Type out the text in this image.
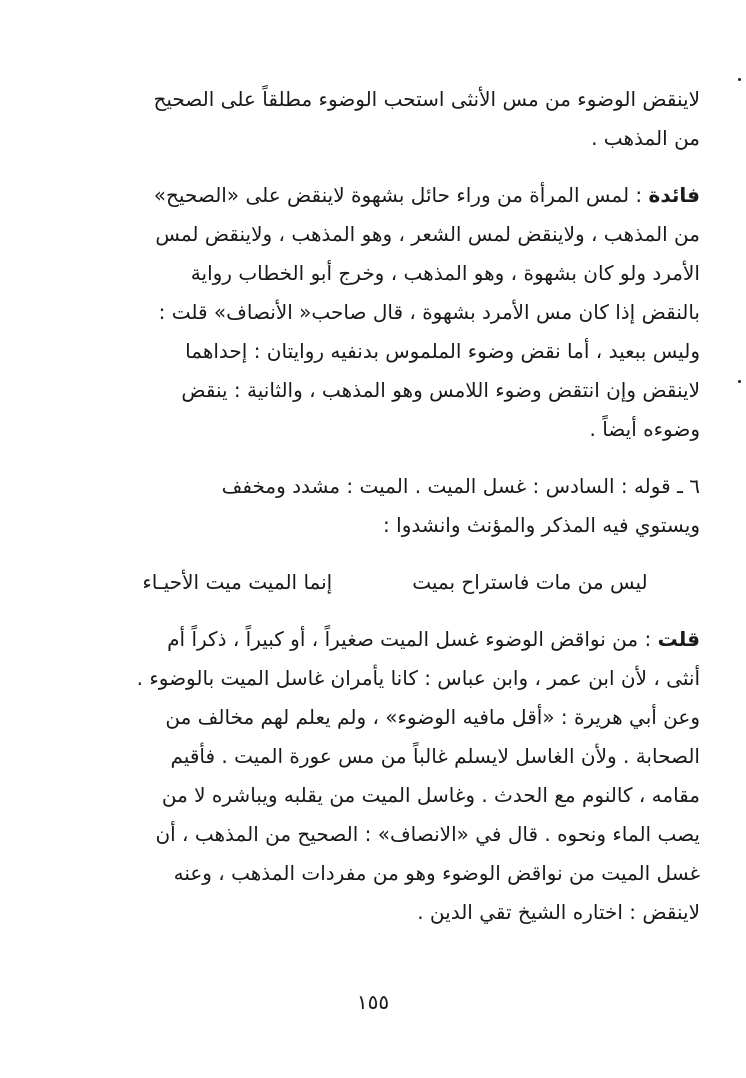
لاينقض الوضوء من مس الأنثى استحب الوضوء مطلقاً على الصحيح

من المذهب .

فائدة : لمس المرأة من وراء حائل بشهوة لاينقض على «الصحيح»

من المذهب ، ولاينقض لمس الشعر ، وهو المذهب ، ولاينقض لمس

الأمرد ولو كان بشهوة ، وهو المذهب ، وخرج أبو الخطاب رواية

بالنقض إذا كان مس الأمرد بشهوة ، قال صاحب« الأنصاف» قلت :

وليس ببعيد ، أما نقض وضوء الملموس بدنفيه روايتان : إحداهما

لاينقض وإن انتقض وضوء اللامس وهو المذهب ، والثانية : ينقض

وضوءه أيضاً .

٦ ـ قوله : السادس : غسل الميت . الميت : مشدد ومخفف

ويستوي فيه المذكر والمؤنث وانشدوا :

ليس من مات فاستراح بميت
إنما الميت ميت الأحيـاء

قلت : من نواقض الوضوء غسل الميت صغيراً ، أو كبيراً ، ذكراً أم

أنثى ، لأن ابن عمر ، وابن عباس : كانا يأمران غاسل الميت بالوضوء .

وعن أبي هريرة : «أقل مافيه الوضوء» ، ولم يعلم لهم مخالف من

الصحابة . ولأن الغاسل لايسلم غالباً من مس عورة الميت . فأقيم

مقامه ، كالنوم مع الحدث . وغاسل الميت من يقلبه ويباشره لا من

يصب الماء ونحوه . قال في «الانصاف» : الصحيح من المذهب ، أن

غسل الميت من نواقض الوضوء وهو من مفردات المذهب ، وعنه

لاينقض : اختاره الشيخ تقي الدين .

١٥٥
